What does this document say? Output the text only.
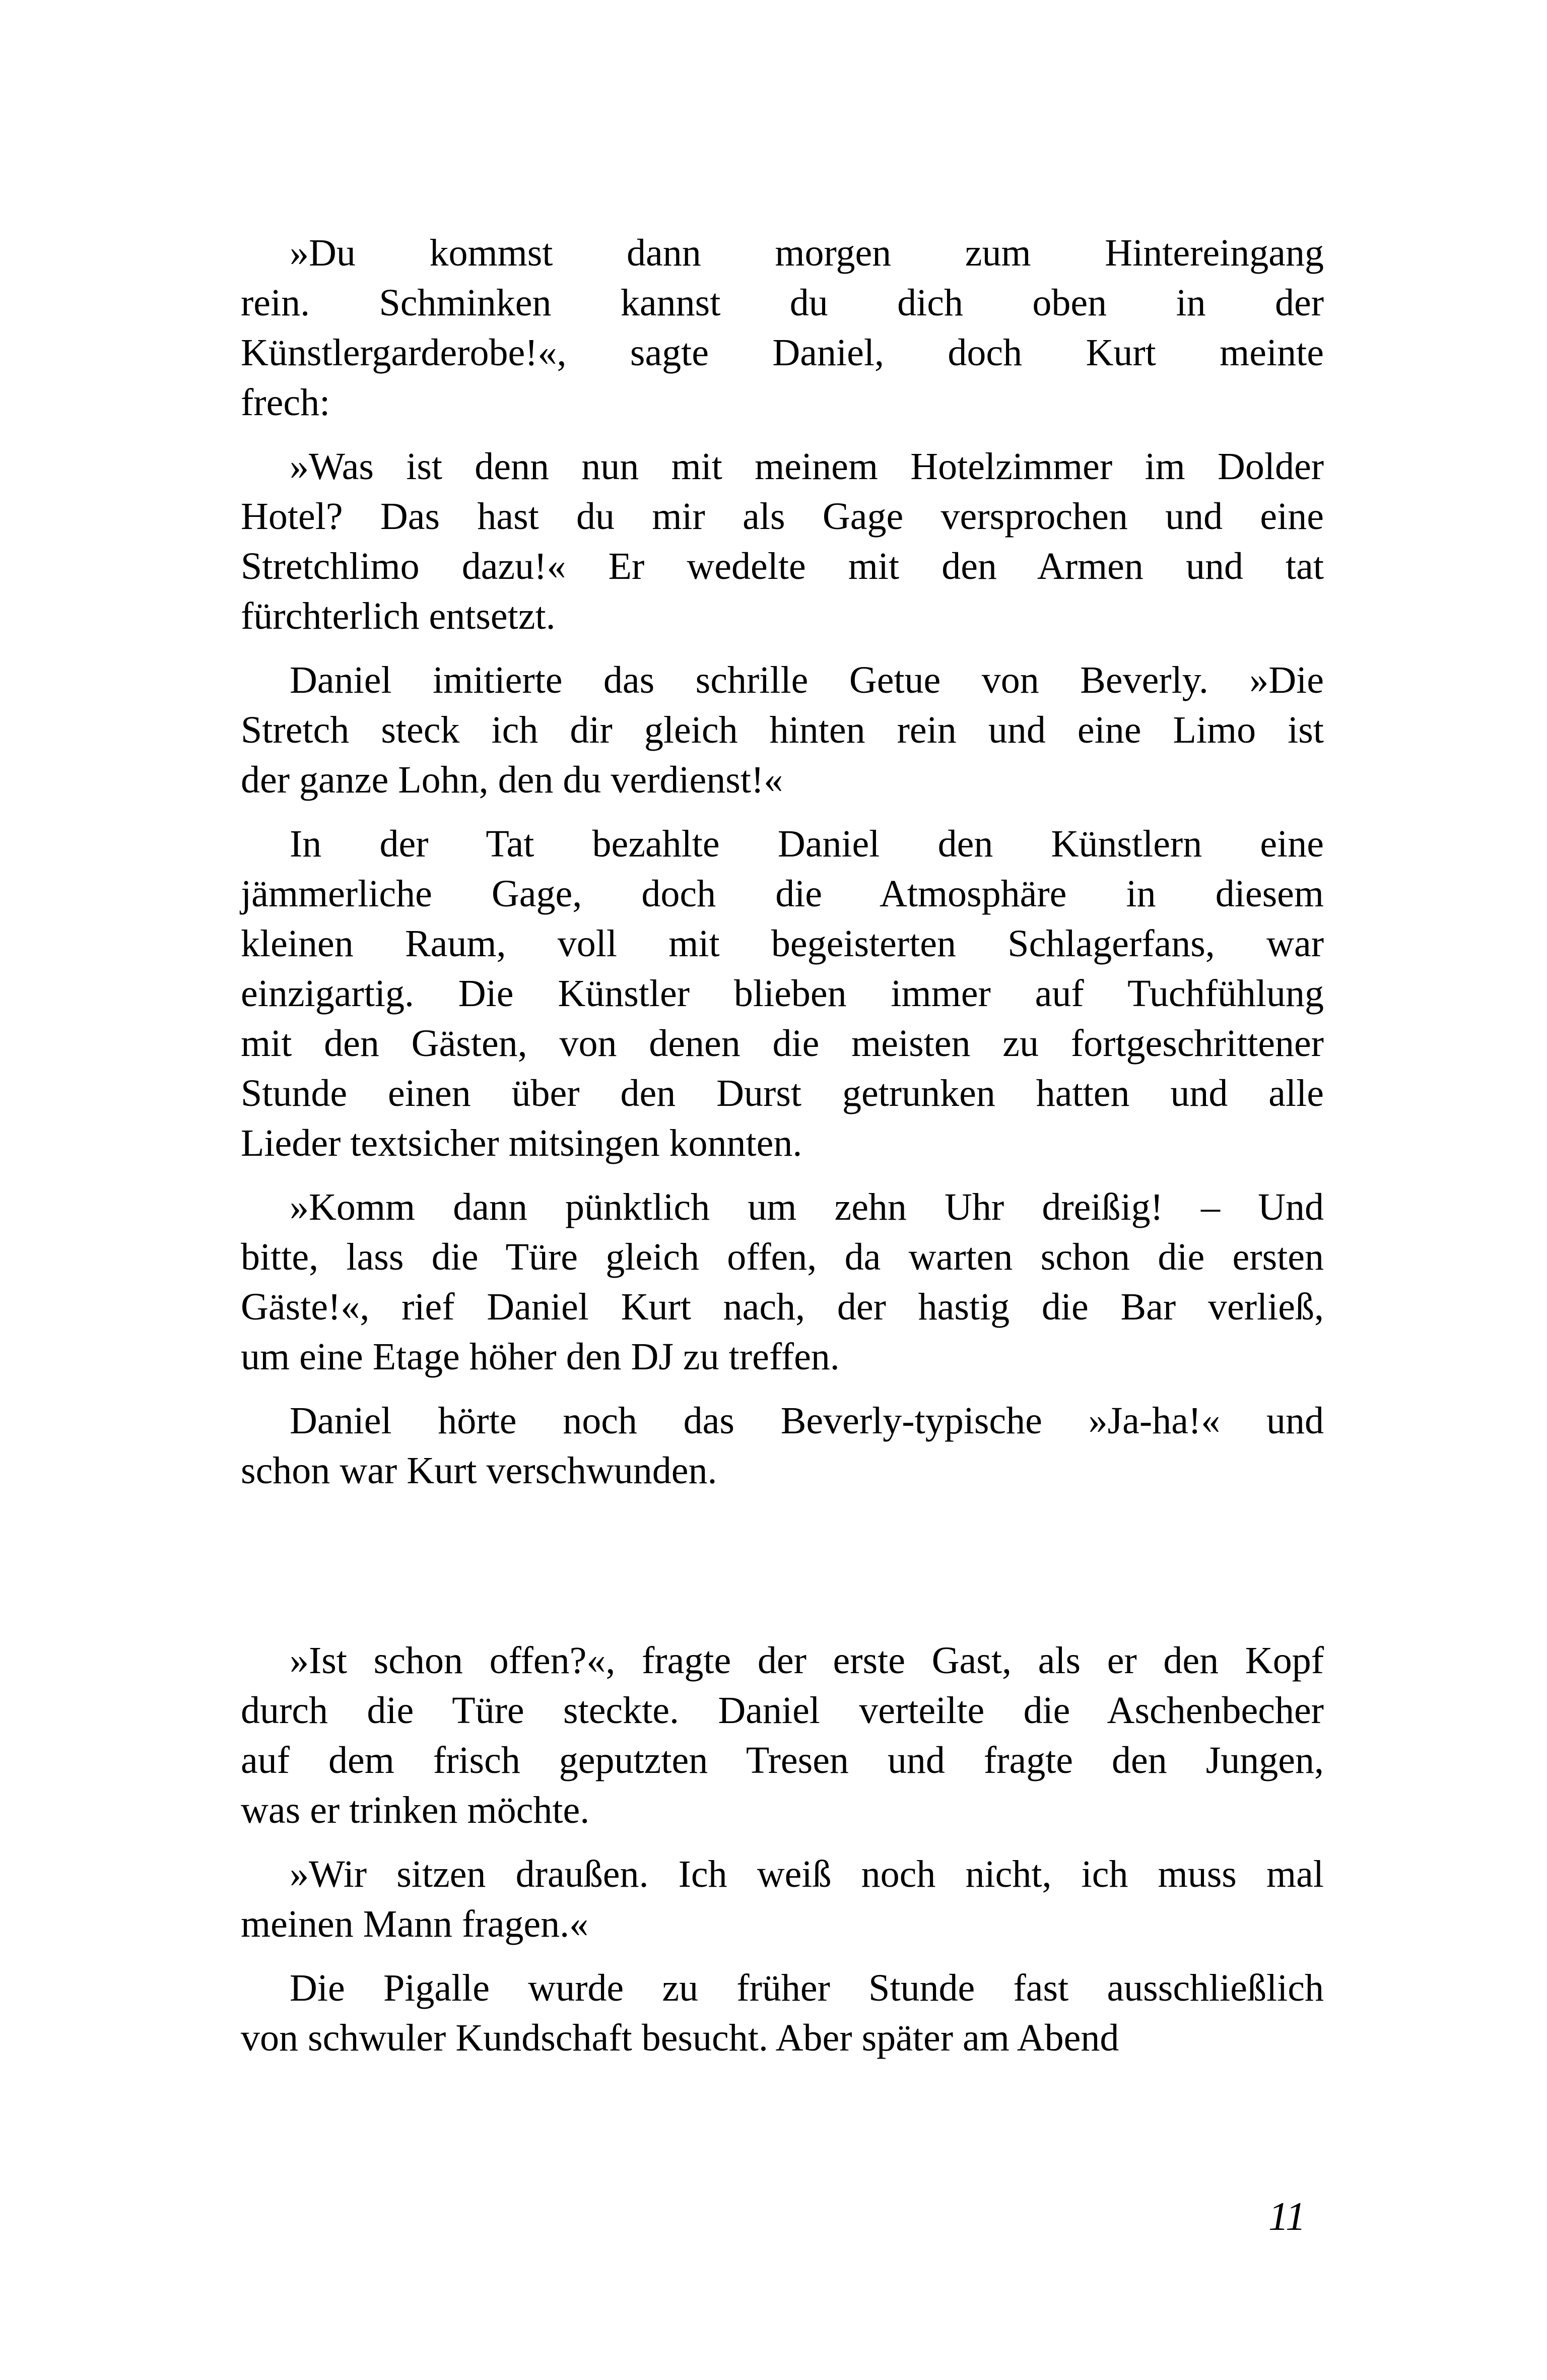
»Du kommst dann morgen zum Hintereingang
rein. Schminken kannst du dich oben in der
Künstlergarderobe!«, sagte Daniel, doch Kurt meinte
frech:
»Was ist denn nun mit meinem Hotelzimmer im Dolder
Hotel? Das hast du mir als Gage versprochen und eine
Stretchlimo dazu!« Er wedelte mit den Armen und tat
fürchterlich entsetzt.
Daniel imitierte das schrille Getue von Beverly. »Die
Stretch steck ich dir gleich hinten rein und eine Limo ist
der ganze Lohn, den du verdienst!«
In der Tat bezahlte Daniel den Künstlern eine
jämmerliche Gage, doch die Atmosphäre in diesem
kleinen Raum, voll mit begeisterten Schlagerfans, war
einzigartig. Die Künstler blieben immer auf Tuchfühlung
mit den Gästen, von denen die meisten zu fortgeschrittener
Stunde einen über den Durst getrunken hatten und alle
Lieder textsicher mitsingen konnten.
»Komm dann pünktlich um zehn Uhr dreißig! – Und
bitte, lass die Türe gleich offen, da warten schon die ersten
Gäste!«, rief Daniel Kurt nach, der hastig die Bar verließ,
um eine Etage höher den DJ zu treffen.
Daniel hörte noch das Beverly-typische »Ja-ha!« und
schon war Kurt verschwunden.
»Ist schon offen?«, fragte der erste Gast, als er den Kopf
durch die Türe steckte. Daniel verteilte die Aschenbecher
auf dem frisch geputzten Tresen und fragte den Jungen,
was er trinken möchte.
»Wir sitzen draußen. Ich weiß noch nicht, ich muss mal
meinen Mann fragen.«
Die Pigalle wurde zu früher Stunde fast ausschließlich
von schwuler Kundschaft besucht. Aber später am Abend
11
